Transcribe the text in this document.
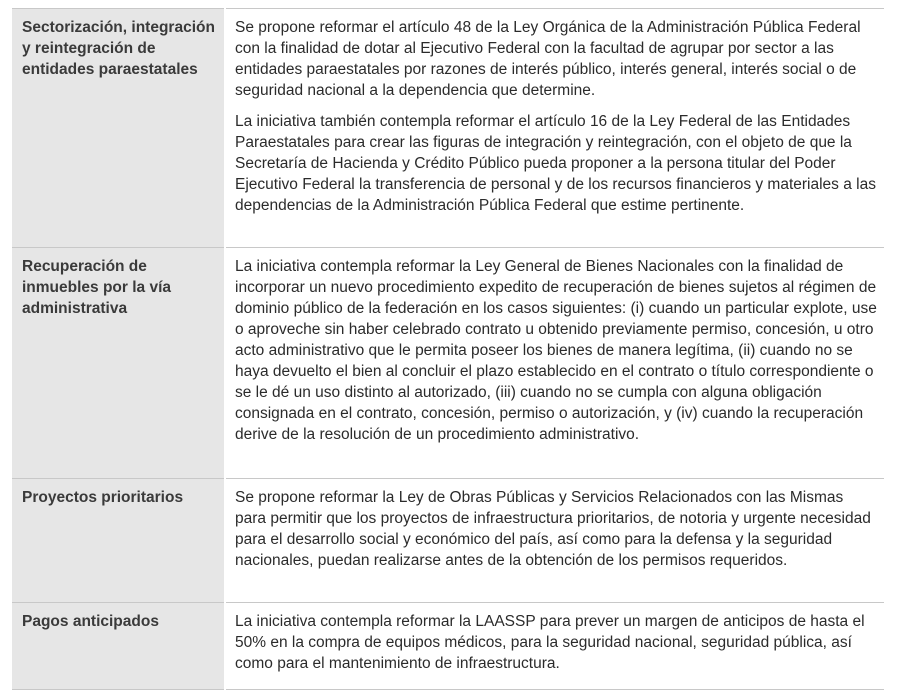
Sectorización, integración y reintegración de entidades paraestatales	Se propone reformar el artículo 48 de la Ley Orgánica de la Administración Pública Federal con la finalidad de dotar al Ejecutivo Federal con la facultad de agrupar por sector a las entidades paraestatales por razones de interés público, interés general, interés social o de seguridad nacional a la dependencia que determine.

La iniciativa también contempla reformar el artículo 16 de la Ley Federal de las Entidades Paraestatales para crear las figuras de integración y reintegración, con el objeto de que la Secretaría de Hacienda y Crédito Público pueda proponer a la persona titular del Poder Ejecutivo Federal la transferencia de personal y de los recursos financieros y materiales a las dependencias de la Administración Pública Federal que estime pertinente.

Recuperación de inmuebles por la vía administrativa	La iniciativa contempla reformar la Ley General de Bienes Nacionales con la finalidad de incorporar un nuevo procedimiento expedito de recuperación de bienes sujetos al régimen de dominio público de la federación en los casos siguientes: (i) cuando un particular explote, use o aproveche sin haber celebrado contrato u obtenido previamente permiso, concesión, u otro acto administrativo que le permita poseer los bienes de manera legítima, (ii) cuando no se haya devuelto el bien al concluir el plazo establecido en el contrato o título correspondiente o se le dé un uso distinto al autorizado, (iii) cuando no se cumpla con alguna obligación consignada en el contrato, concesión, permiso o autorización, y (iv) cuando la recuperación derive de la resolución de un procedimiento administrativo.

Proyectos prioritarios	Se propone reformar la Ley de Obras Públicas y Servicios Relacionados con las Mismas para permitir que los proyectos de infraestructura prioritarios, de notoria y urgente necesidad para el desarrollo social y económico del país, así como para la defensa y la seguridad nacionales, puedan realizarse antes de la obtención de los permisos requeridos.

Pagos anticipados	La iniciativa contempla reformar la LAASSP para prever un margen de anticipos de hasta el 50% en la compra de equipos médicos, para la seguridad nacional, seguridad pública, así como para el mantenimiento de infraestructura.
